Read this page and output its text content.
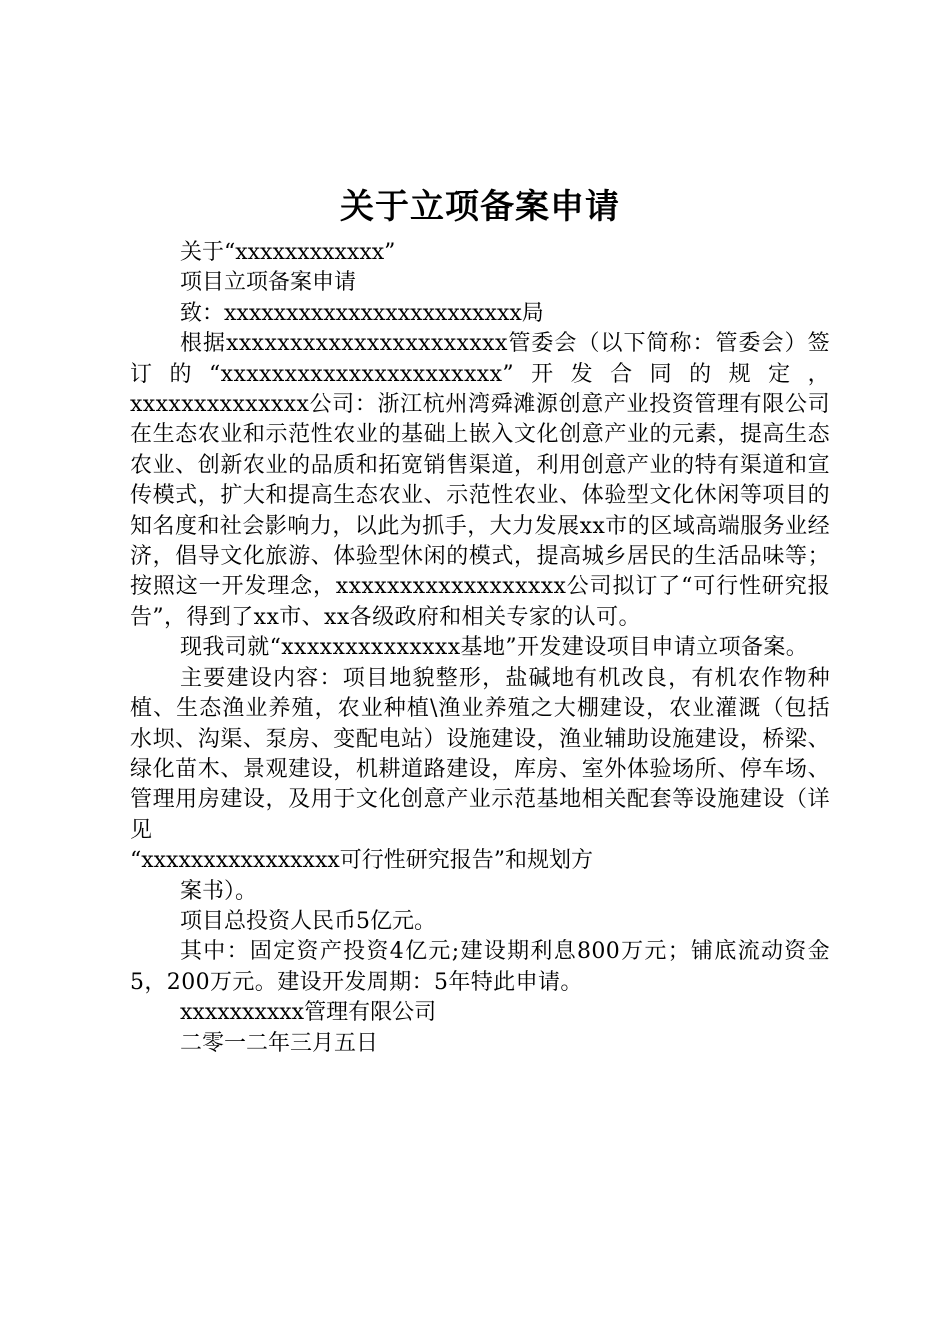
关于立项备案申请
关于“xxxxxxxxxxxx”
项目立项备案申请
致：xxxxxxxxxxxxxxxxxxxxxxxx局

根据xxxxxxxxxxxxxxxxxxxxxx管委会（以下简称：管委会）签订的“xxxxxxxxxxxxxxxxxxxxxx”开发合同的规定，xxxxxxxxxxxxxx公司：浙江杭州湾舜滩源创意产业投资管理有限公司在生态农业和示范性农业的基础上嵌入文化创意产业的元素，提高生态农业、创新农业的品质和拓宽销售渠道，利用创意产业的特有渠道和宣传模式，扩大和提高生态农业、示范性农业、体验型文化休闲等项目的知名度和社会影响力，以此为抓手，大力发展xx市的区域高端服务业经济，倡导文化旅游、体验型休闲的模式，提高城乡居民的生活品味等；按照这一开发理念，xxxxxxxxxxxxxxxxxx公司拟订了“可行性研究报告”，得到了xx市、xx各级政府和相关专家的认可。

现我司就“xxxxxxxxxxxxxx基地”开发建设项目申请立项备案。

主要建设内容：项目地貌整形，盐碱地有机改良，有机农作物种植、生态渔业养殖，农业种植\渔业养殖之大棚建设，农业灌溉（包括水坝、沟渠、泵房、变配电站）设施建设，渔业辅助设施建设，桥梁、绿化苗木、景观建设，机耕道路建设，库房、室外体验场所、停车场、管理用房建设，及用于文化创意产业示范基地相关配套等设施建设（详见

“xxxxxxxxxxxxxxxx可行性研究报告”和规划方
案书）。
项目总投资人民币5亿元。

其中：固定资产投资4亿元;建设期利息800万元；铺底流动资金5，200万元。建设开发周期：5年特此申请。

xxxxxxxxxx管理有限公司
二零一二年三月五日
